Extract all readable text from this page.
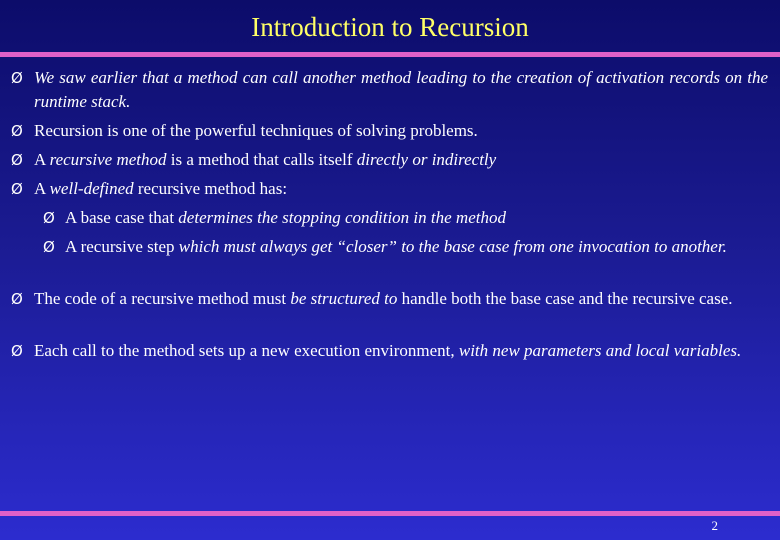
Introduction to Recursion
Ø We saw earlier that a method can call another method leading to the creation of activation records on the runtime stack.
Ø Recursion is one of the powerful techniques of solving problems.
Ø A recursive method is a method that calls itself directly or indirectly
Ø A well-defined recursive method has:
Ø A base case that determines the stopping condition in the method
Ø A recursive step which must always get “closer” to the base case from one invocation to another.
Ø The code of a recursive method must be structured to handle both the base case and the recursive case.
Ø Each call to the method sets up a new execution environment, with new parameters and local variables.
2
